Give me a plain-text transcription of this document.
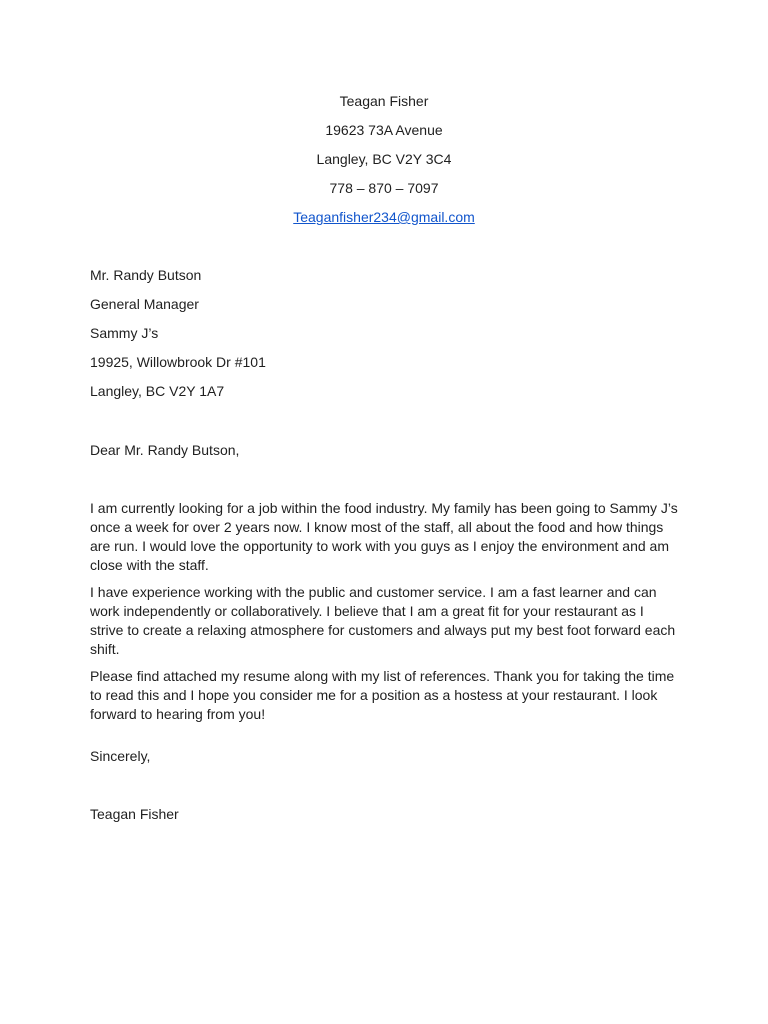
Teagan Fisher
19623 73A Avenue
Langley, BC V2Y 3C4
778 – 870 – 7097
Teaganfisher234@gmail.com
Mr. Randy Butson
General Manager
Sammy J’s
19925, Willowbrook Dr #101
Langley, BC V2Y 1A7
Dear Mr. Randy Butson,

I am currently looking for a job within the food industry. My family has been going to Sammy J’s once a week for over 2 years now. I know most of the staff, all about the food and how things are run. I would love the opportunity to work with you guys as I enjoy the environment and am close with the staff.

I have experience working with the public and customer service. I am a fast learner and can work independently or collaboratively. I believe that I am a great fit for your restaurant as I strive to create a relaxing atmosphere for customers and always put my best foot forward each shift.

Please find attached my resume along with my list of references. Thank you for taking the time to read this and I hope you consider me for a position as a hostess at your restaurant. I look forward to hearing from you!

Sincerely,
Teagan Fisher
